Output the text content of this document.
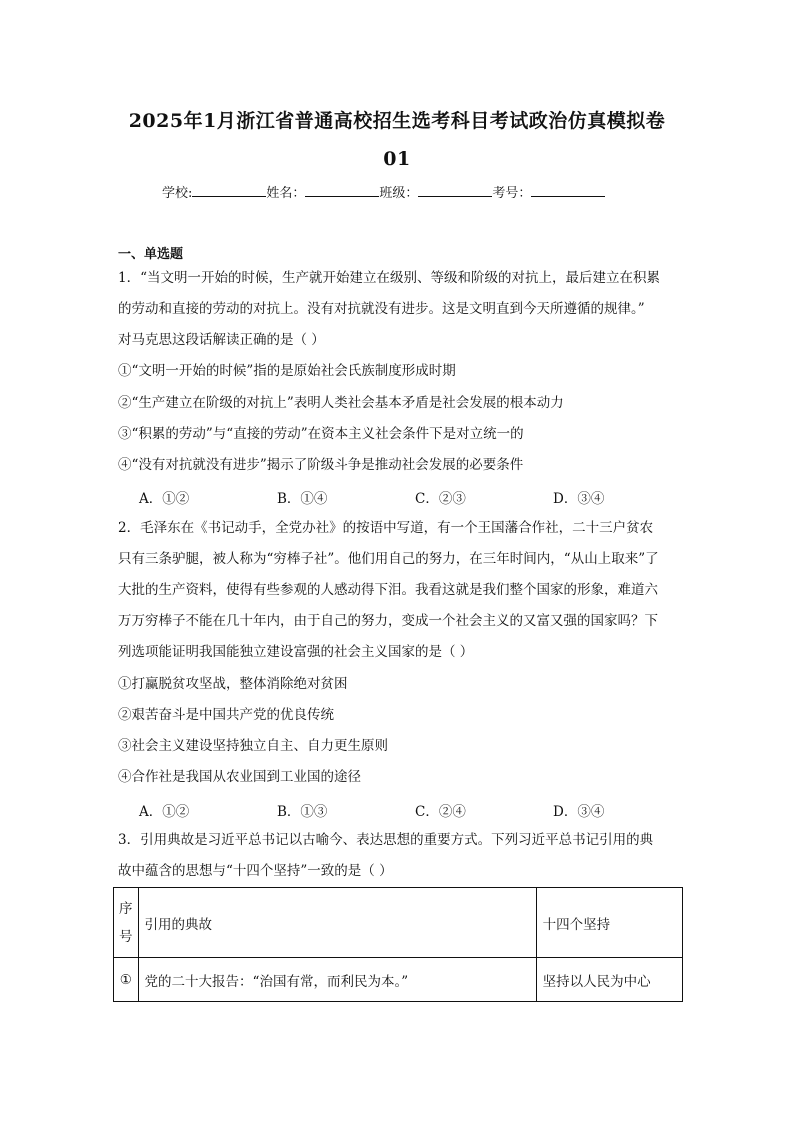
2025年1月浙江省普通高校招生选考科目考试政治仿真模拟卷
01
学校:	姓名：	班级：	考号：
一、单选题
1．“当文明一开始的时候，生产就开始建立在级别、等级和阶级的对抗上，最后建立在积累
的劳动和直接的劳动的对抗上。没有对抗就没有进步。这是文明直到今天所遵循的规律。”
对马克思这段话解读正确的是（ ）
①“文明一开始的时候”指的是原始社会氏族制度形成时期
②“生产建立在阶级的对抗上”表明人类社会基本矛盾是社会发展的根本动力
③“积累的劳动”与“直接的劳动”在资本主义社会条件下是对立统一的
④“没有对抗就没有进步”揭示了阶级斗争是推动社会发展的必要条件
A．①②	B．①④	C．②③	D．③④
2．毛泽东在《书记动手，全党办社》的按语中写道，有一个王国藩合作社，二十三户贫农
只有三条驴腿，被人称为“穷棒子社”。他们用自己的努力，在三年时间内，“从山上取来”了
大批的生产资料，使得有些参观的人感动得下泪。我看这就是我们整个国家的形象，难道六
万万穷棒子不能在几十年内，由于自己的努力，变成一个社会主义的又富又强的国家吗？下
列选项能证明我国能独立建设富强的社会主义国家的是（ ）
①打赢脱贫攻坚战，整体消除绝对贫困
②艰苦奋斗是中国共产党的优良传统
③社会主义建设坚持独立自主、自力更生原则
④合作社是我国从农业国到工业国的途径
A．①②	B．①③	C．②④	D．③④
3．引用典故是习近平总书记以古喻今、表达思想的重要方式。下列习近平总书记引用的典
故中蕴含的思想与“十四个坚持”一致的是（ ）
序号	引用的典故	十四个坚持
①	党的二十大报告：“治国有常，而利民为本。”	坚持以人民为中心
